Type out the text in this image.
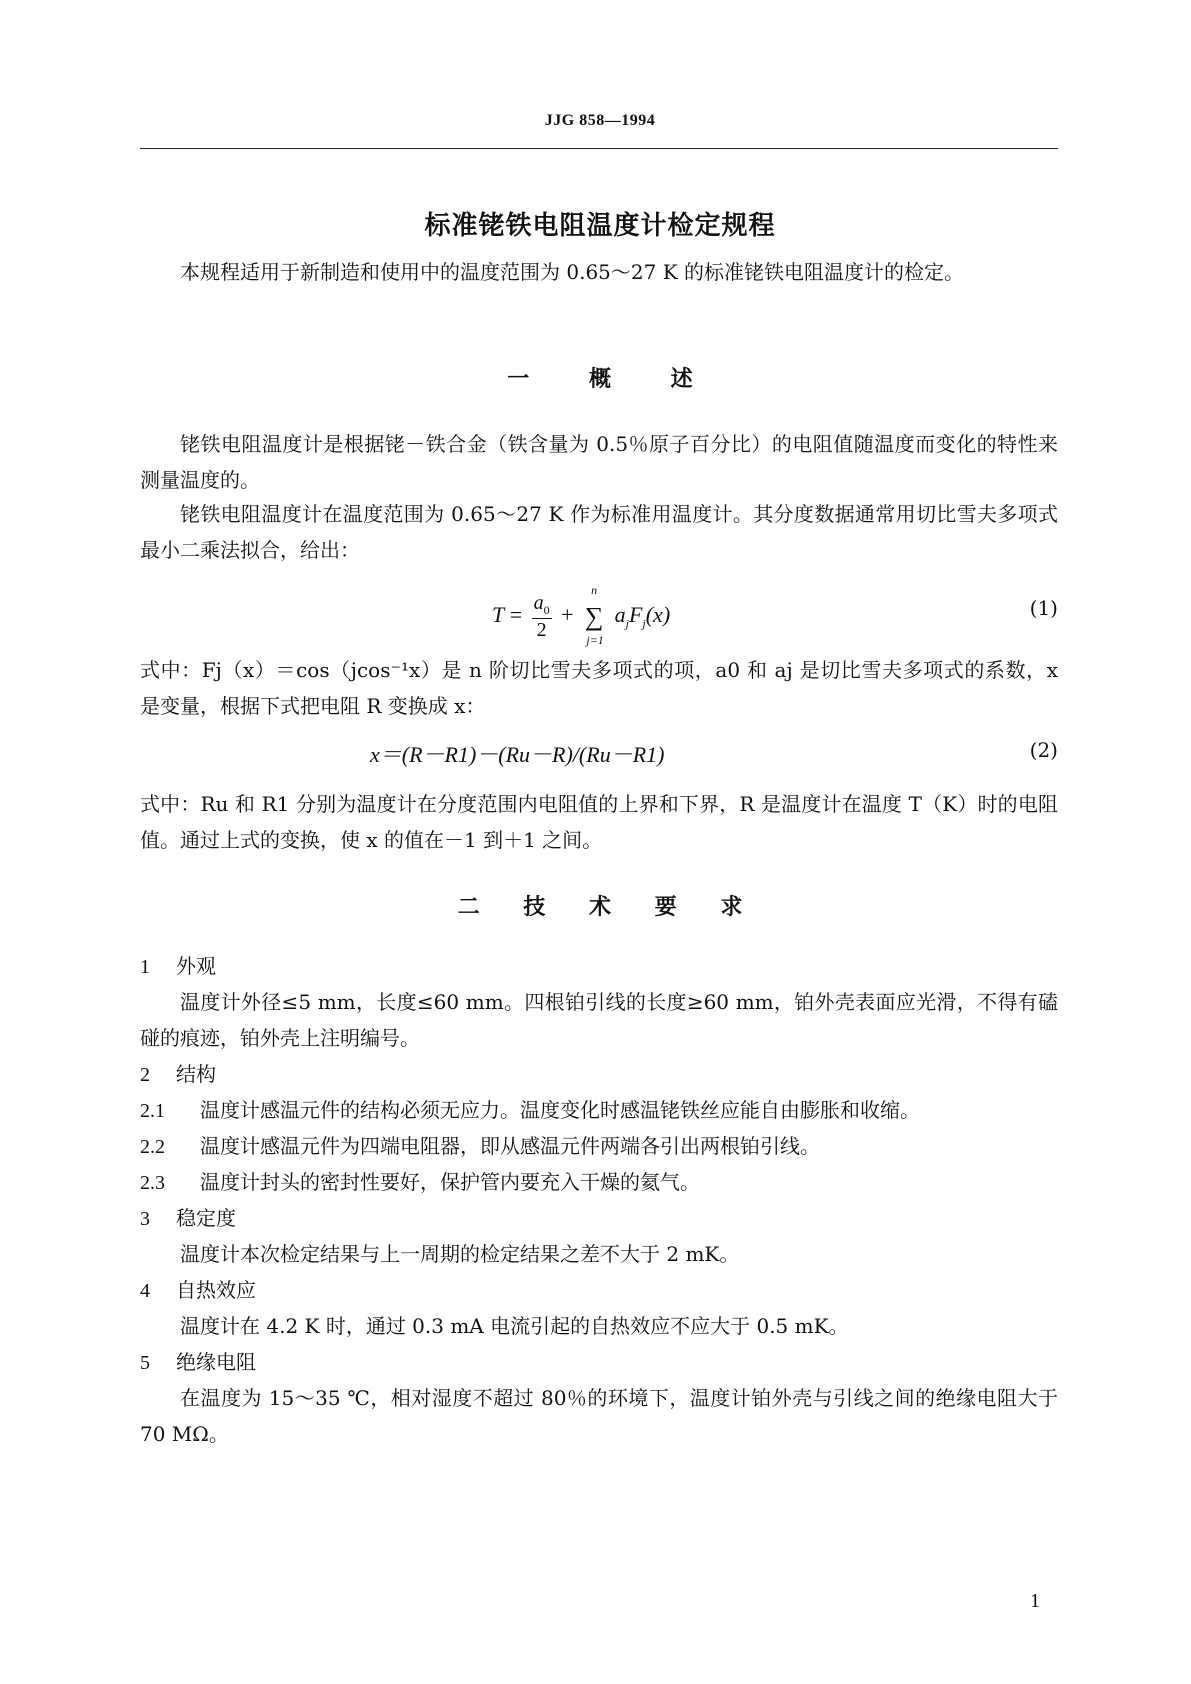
JJG 858—1994
标准铑铁电阻温度计检定规程

本规程适用于新制造和使用中的温度范围为 0.65～27 K 的标准铑铁电阻温度计的检定。

一	概	述

铑铁电阻温度计是根据铑－铁合金（铁含量为 0.5％原子百分比）的电阻值随温度而变化的特性来测量温度的。

铑铁电阻温度计在温度范围为 0.65～27 K 作为标准用温度计。其分度数据通常用切比雪夫多项式最小二乘法拟合，给出：

$T = \frac{a_0}{2}$ +
n
∑
j=1
$a_jF_j(x)$	(1)

式中：Fj（x）＝cos（jcos⁻¹x）是 n 阶切比雪夫多项式的项，a0 和 aj 是切比雪夫多项式的系数，x 是变量，根据下式把电阻 R 变换成 x：

x＝(R－R1)－(Ru－R)/(Ru－R1)	(2)

式中：Ru 和 R1 分别为温度计在分度范围内电阻值的上界和下界，R 是温度计在温度 T（K）时的电阻值。通过上式的变换，使 x 的值在－1 到＋1 之间。

二 技 术 要 求
1 外观

温度计外径≤5 mm，长度≤60 mm。四根铂引线的长度≥60 mm，铂外壳表面应光滑，不得有磕碰的痕迹，铂外壳上注明编号。

2 结构
2.1 温度计感温元件的结构必须无应力。温度变化时感温铑铁丝应能自由膨胀和收缩。
2.2 温度计感温元件为四端电阻器，即从感温元件两端各引出两根铂引线。
2.3 温度计封头的密封性要好，保护管内要充入干燥的氦气。
3 稳定度

温度计本次检定结果与上一周期的检定结果之差不大于 2 mK。

4 自热效应

温度计在 4.2 K 时，通过 0.3 mA 电流引起的自热效应不应大于 0.5 mK。

5 绝缘电阻

在温度为 15～35 ℃，相对湿度不超过 80％的环境下，温度计铂外壳与引线之间的绝缘电阻大于 70 MΩ。

1
